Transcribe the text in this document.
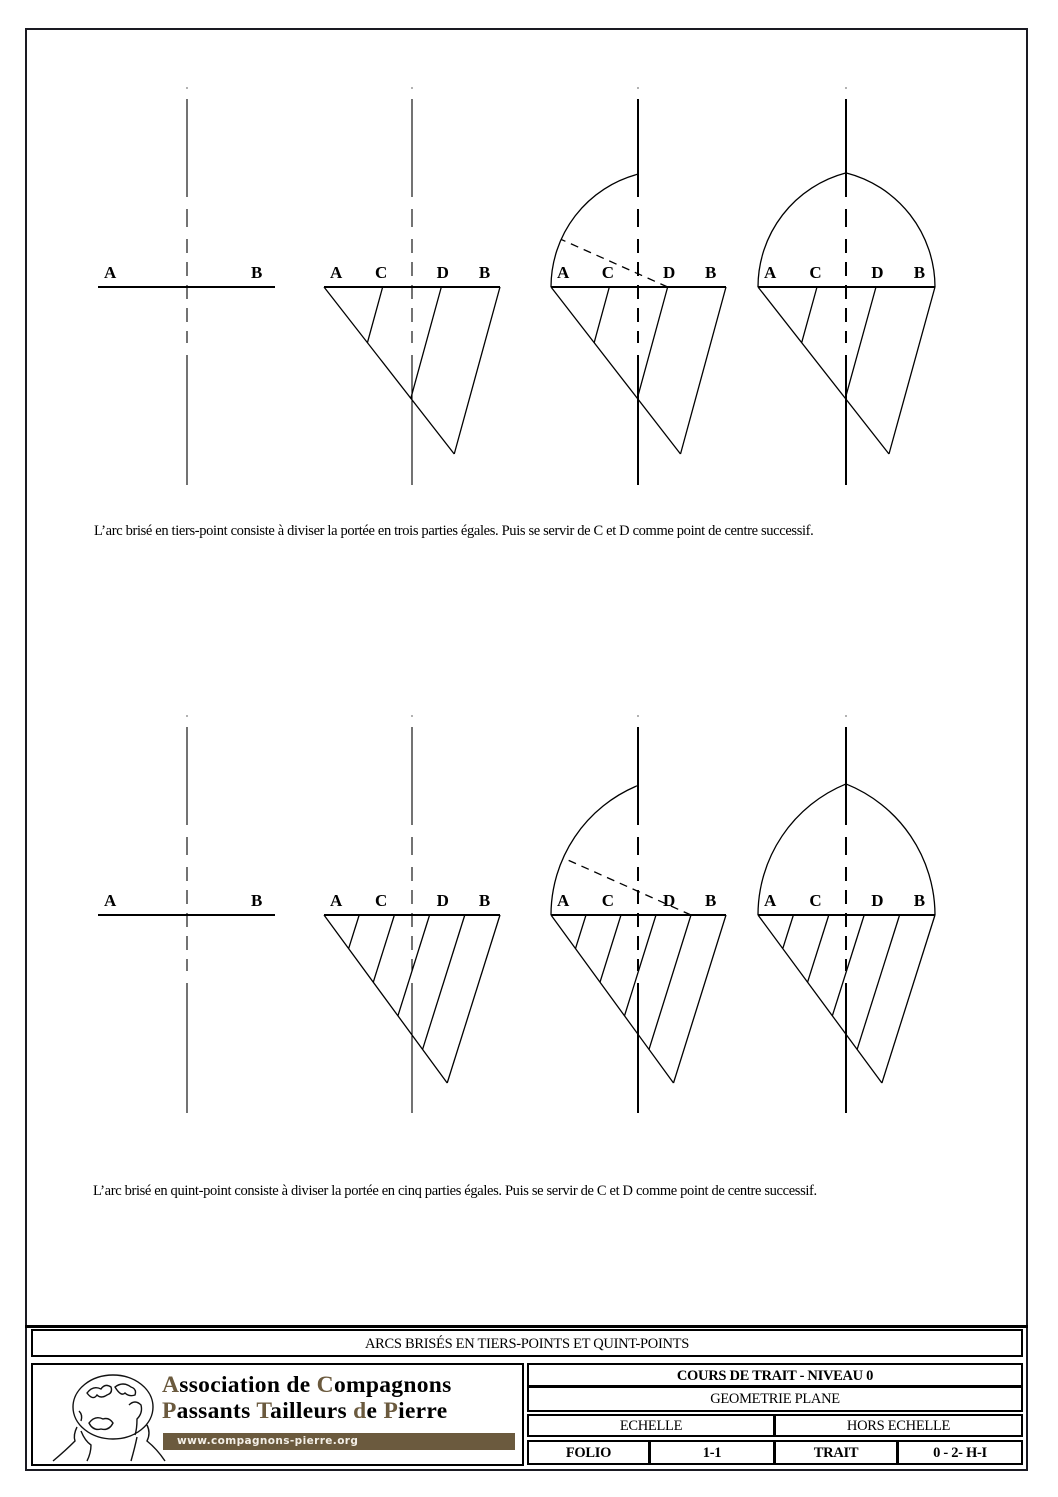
A	B	A C	D B	A C	D B	A C	D B
A	B	A C	D B	A C	D B	A C	D B
L’arc brisé en tiers-point consiste à diviser la portée en trois parties égales. Puis se servir de C et D comme point de centre successif.
L’arc brisé en quint-point consiste à diviser la portée en cinq parties égales. Puis se servir de C et D comme point de centre successif.
ARCS BRISÉS EN TIERS-POINTS ET QUINT-POINTS
Association de Compagnons
Passants Tailleurs de Pierre
www.compagnons-pierre.org
COURS DE TRAIT - NIVEAU 0
GEOMETRIE PLANE
ECHELLE	HORS ECHELLE
FOLIO	1-1	TRAIT	0 - 2- H-I
